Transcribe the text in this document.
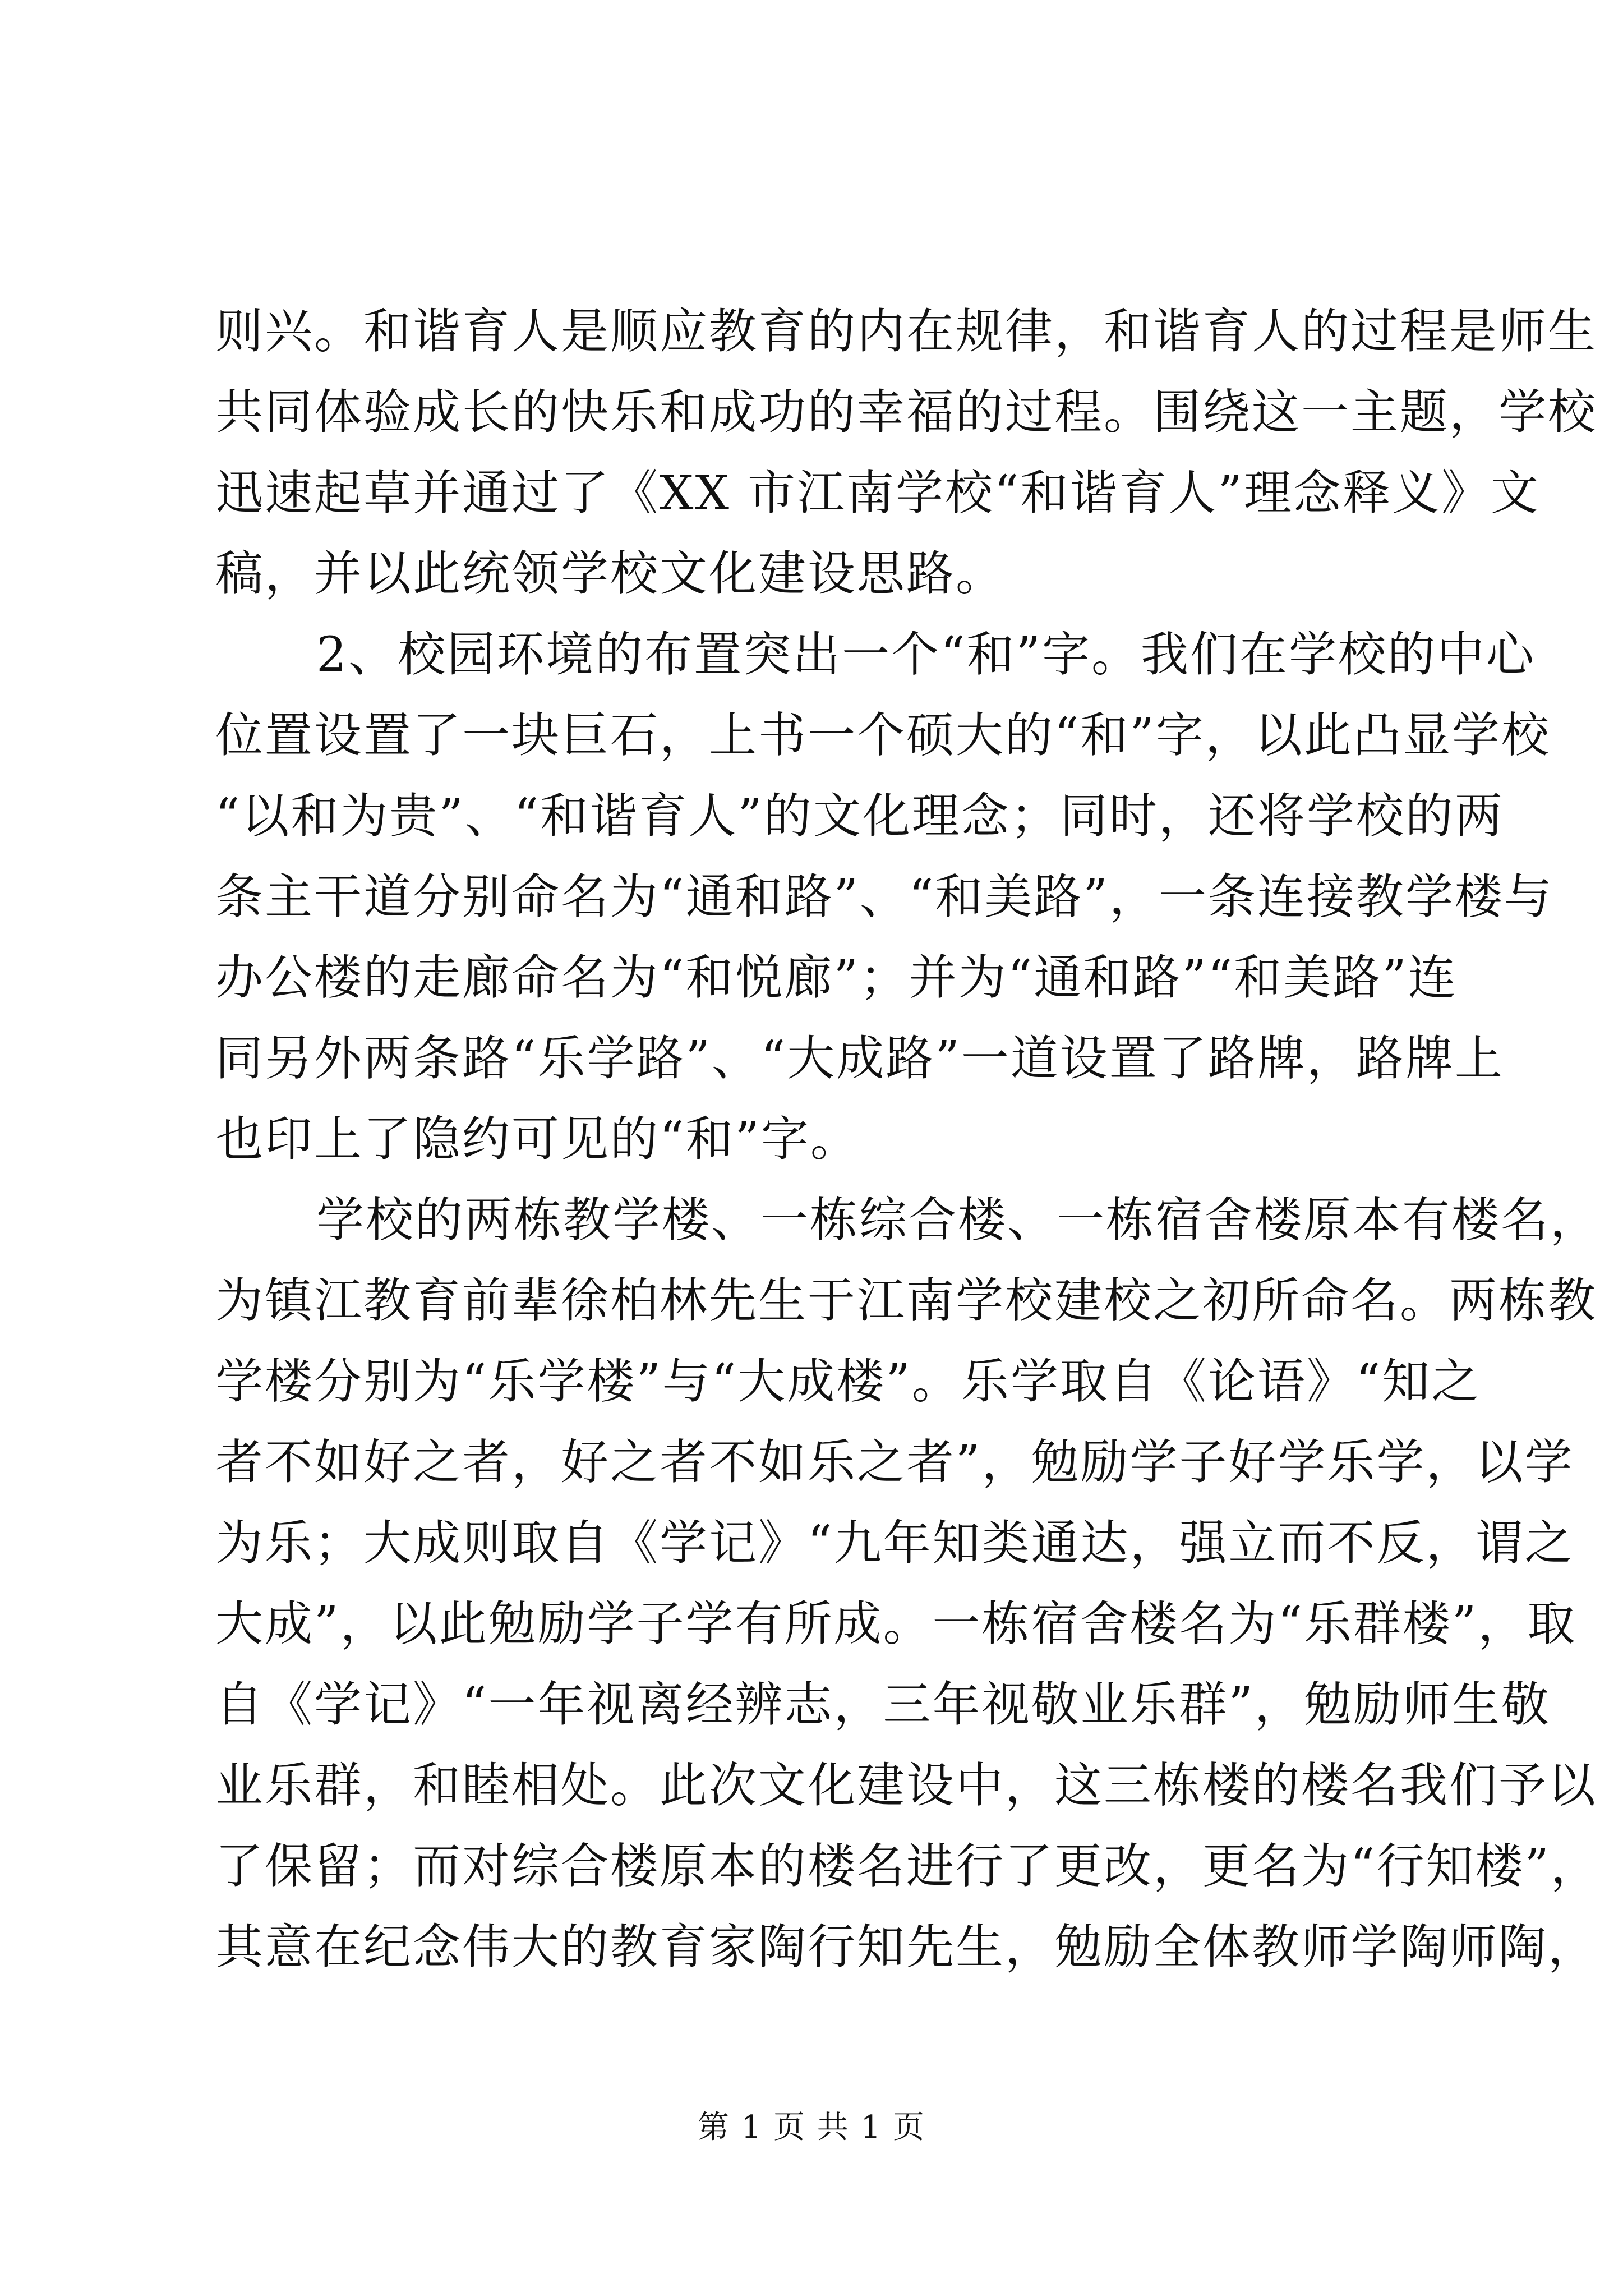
则兴。和谐育人是顺应教育的内在规律，和谐育人的过程是师生
共同体验成长的快乐和成功的幸福的过程。围绕这一主题，学校
迅速起草并通过了《XX 市江南学校“和谐育人”理念释义》文
稿，并以此统领学校文化建设思路。
2、校园环境的布置突出一个“和”字。我们在学校的中心
位置设置了一块巨石，上书一个硕大的“和”字，以此凸显学校
“以和为贵”、“和谐育人”的文化理念；同时，还将学校的两
条主干道分别命名为“通和路”、“和美路”，一条连接教学楼与
办公楼的走廊命名为“和悦廊”；并为“通和路”“和美路”连
同另外两条路“乐学路”、“大成路”一道设置了路牌，路牌上
也印上了隐约可见的“和”字。
学校的两栋教学楼、一栋综合楼、一栋宿舍楼原本有楼名，
为镇江教育前辈徐柏林先生于江南学校建校之初所命名。两栋教
学楼分别为“乐学楼”与“大成楼”。乐学取自《论语》“知之
者不如好之者，好之者不如乐之者”，勉励学子好学乐学，以学
为乐；大成则取自《学记》“九年知类通达，强立而不反，谓之
大成”，以此勉励学子学有所成。一栋宿舍楼名为“乐群楼”，取
自《学记》“一年视离经辨志，三年视敬业乐群”，勉励师生敬
业乐群，和睦相处。此次文化建设中，这三栋楼的楼名我们予以
了保留；而对综合楼原本的楼名进行了更改，更名为“行知楼”，
其意在纪念伟大的教育家陶行知先生，勉励全体教师学陶师陶，
第 1 页 共 1 页
